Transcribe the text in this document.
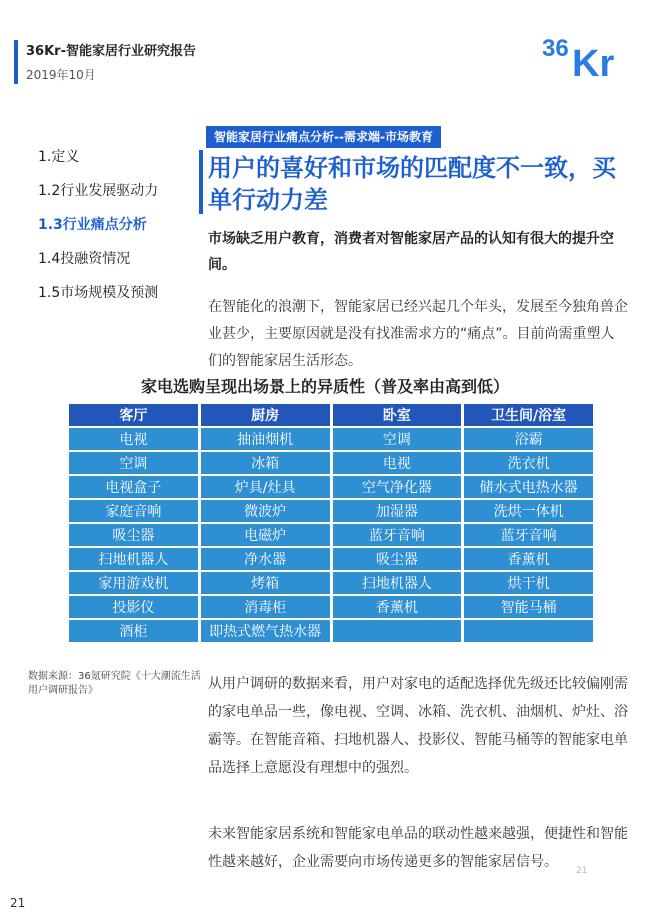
36Kr-智能家居行业研究报告
2019年10月
36 Kr
1.定义
1.2行业发展驱动力
1.3行业痛点分析
1.4投融资情况
1.5市场规模及预测
智能家居行业痛点分析--需求端-市场教育
用户的喜好和市场的匹配度不一致，买单行动力差
市场缺乏用户教育，消费者对智能家居产品的认知有很大的提升空间。
在智能化的浪潮下，智能家居已经兴起几个年头，发展至今独角兽企业甚少，主要原因就是没有找准需求方的“痛点”。目前尚需重塑人们的智能家居生活形态。
家电选购呈现出场景上的异质性（普及率由高到低）
客厅	厨房	卧室	卫生间/浴室
电视	抽油烟机	空调	浴霸
空调	冰箱	电视	洗衣机
电视盒子	炉具/灶具	空气净化器	储水式电热水器
家庭音响	微波炉	加湿器	洗烘一体机
吸尘器	电磁炉	蓝牙音响	蓝牙音响
扫地机器人	净水器	吸尘器	香薰机
家用游戏机	烤箱	扫地机器人	烘干机
投影仪	消毒柜	香薰机	智能马桶
酒柜	即热式燃气热水器		
数据来源：36氪研究院《十大潮流生活用户调研报告》	从用户调研的数据来看，用户对家电的适配选择优先级还比较偏刚需的家电单品一些，像电视、空调、冰箱、洗衣机、油烟机、炉灶、浴霸等。在智能音箱、扫地机器人、投影仪、智能马桶等的智能家电单品选择上意愿没有理想中的强烈。
未来智能家居系统和智能家电单品的联动性越来越强，便捷性和智能性越来越好，企业需要向市场传递更多的智能家居信号。
21
21
